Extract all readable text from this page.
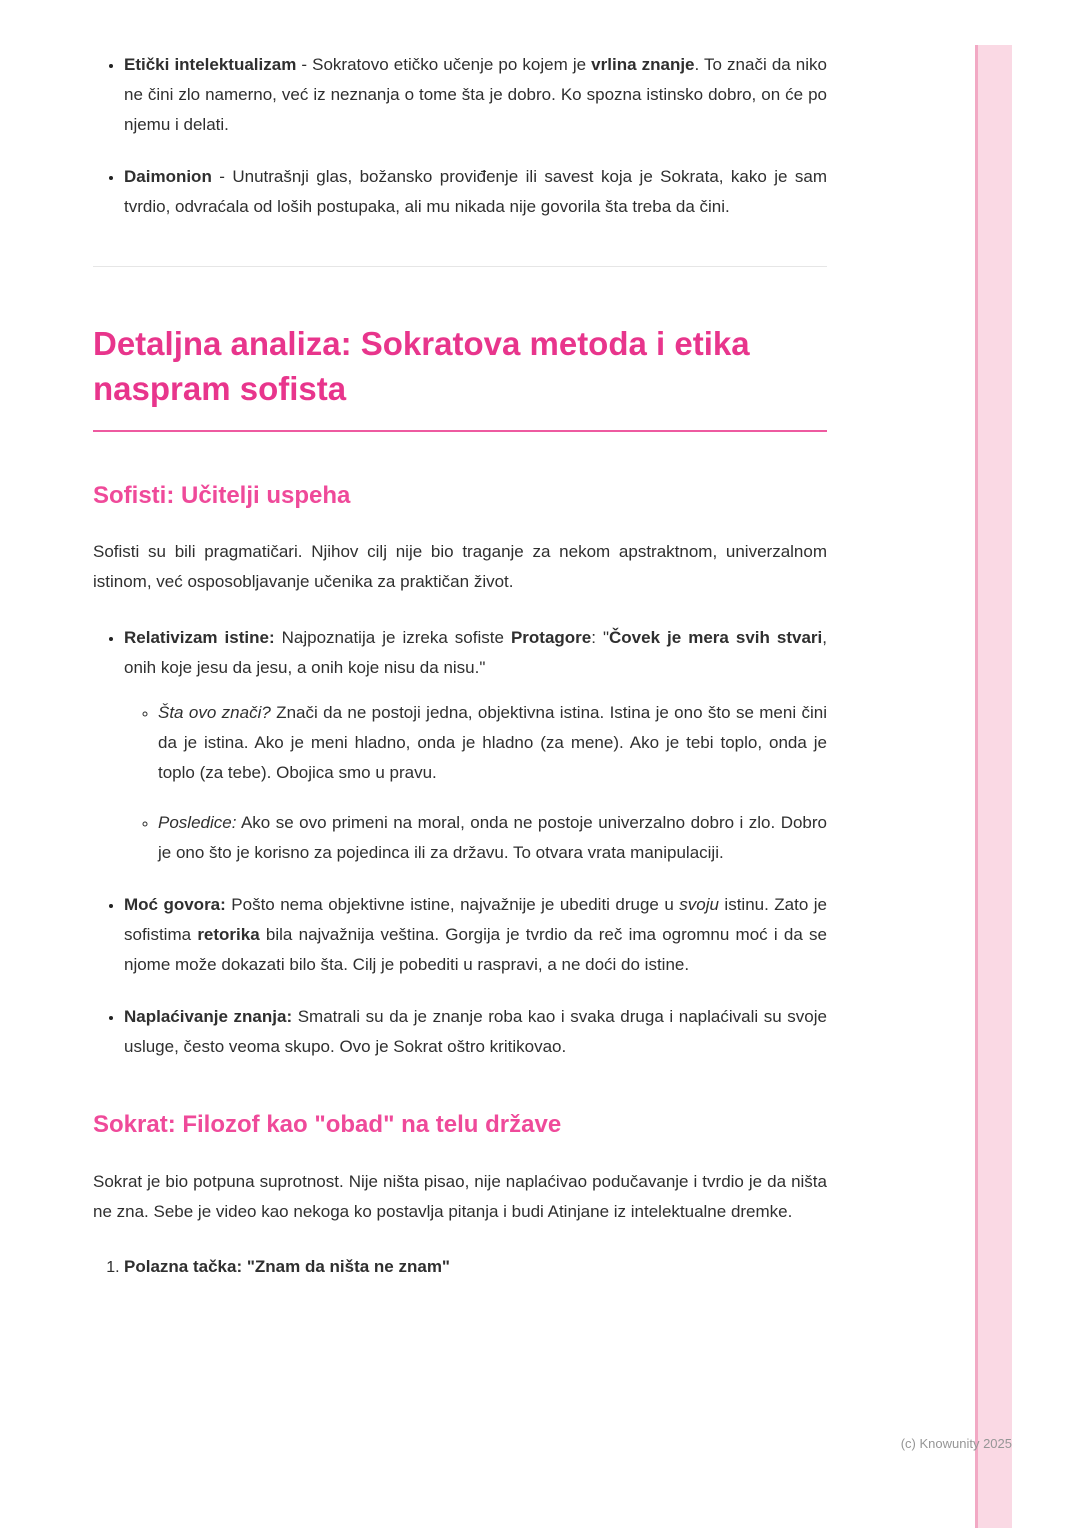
• Etički intelektualizam - Sokratovo etičko učenje po kojem je vrlina znanje. To znači da niko ne čini zlo namerno, već iz neznanja o tome šta je dobro. Ko spozna istinsko dobro, on će po njemu i delati.
• Daimonion - Unutrašnji glas, božansko proviđenje ili savest koja je Sokrata, kako je sam tvrdio, odvraćala od loših postupaka, ali mu nikada nije govorila šta treba da čini.
Detaljna analiza: Sokratova metoda i etika naspram sofista
Sofisti: Učitelji uspeha

Sofisti su bili pragmatičari. Njihov cilj nije bio traganje za nekom apstraktnom, univerzalnom istinom, već osposobljavanje učenika za praktičan život.

• Relativizam istine: Najpoznatija je izreka sofiste Protagore: "Čovek je mera svih stvari, onih koje jesu da jesu, a onih koje nisu da nisu."
◦ Šta ovo znači? Znači da ne postoji jedna, objektivna istina. Istina je ono što se meni čini da je istina. Ako je meni hladno, onda je hladno (za mene). Ako je tebi toplo, onda je toplo (za tebe). Obojica smo u pravu.
◦ Posledice: Ako se ovo primeni na moral, onda ne postoje univerzalno dobro i zlo. Dobro je ono što je korisno za pojedinca ili za državu. To otvara vrata manipulaciji.
• Moć govora: Pošto nema objektivne istine, najvažnije je ubediti druge u svoju istinu. Zato je sofistima retorika bila najvažnija veština. Gorgija je tvrdio da reč ima ogromnu moć i da se njome može dokazati bilo šta. Cilj je pobediti u raspravi, a ne doći do istine.
• Naplaćivanje znanja: Smatrali su da je znanje roba kao i svaka druga i naplaćivali su svoje usluge, često veoma skupo. Ovo je Sokrat oštro kritikovao.
Sokrat: Filozof kao "obad" na telu države

Sokrat je bio potpuna suprotnost. Nije ništa pisao, nije naplaćivao podučavanje i tvrdio je da ništa ne zna. Sebe je video kao nekoga ko postavlja pitanja i budi Atinjane iz intelektualne dremke.

1. Polazna tačka: "Znam da ništa ne znam"
(c) Knowunity 2025
